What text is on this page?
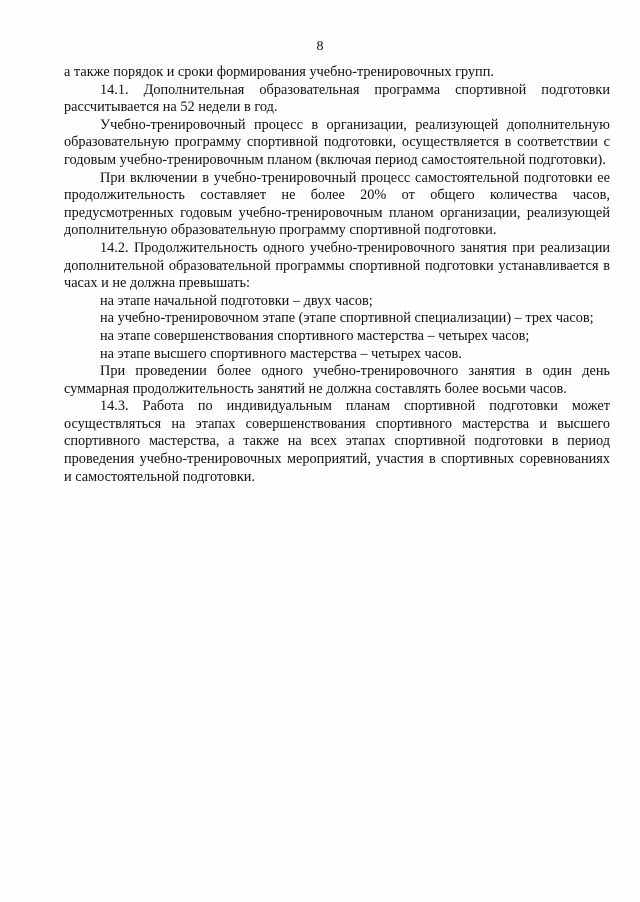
8

а также порядок и сроки формирования учебно-тренировочных групп.

14.1. Дополнительная образовательная программа спортивной подготовки рассчитывается на 52 недели в год.

Учебно-тренировочный процесс в организации, реализующей дополнительную образовательную программу спортивной подготовки, осуществляется в соответствии с годовым учебно-тренировочным планом (включая период самостоятельной подготовки).

При включении в учебно-тренировочный процесс самостоятельной подготовки ее продолжительность составляет не более 20% от общего количества часов, предусмотренных годовым учебно-тренировочным планом организации, реализующей дополнительную образовательную программу спортивной подготовки.

14.2. Продолжительность одного учебно-тренировочного занятия при реализации дополнительной образовательной программы спортивной подготовки устанавливается в часах и не должна превышать:

на этапе начальной подготовки – двух часов;

на учебно-тренировочном этапе (этапе спортивной специализации) – трех часов;

на этапе совершенствования спортивного мастерства – четырех часов;

на этапе высшего спортивного мастерства – четырех часов.

При проведении более одного учебно-тренировочного занятия в один день суммарная продолжительность занятий не должна составлять более восьми часов.

14.3. Работа по индивидуальным планам спортивной подготовки может осуществляться на этапах совершенствования спортивного мастерства и высшего спортивного мастерства, а также на всех этапах спортивной подготовки в период проведения учебно-тренировочных мероприятий, участия в спортивных соревнованиях и самостоятельной подготовки.
